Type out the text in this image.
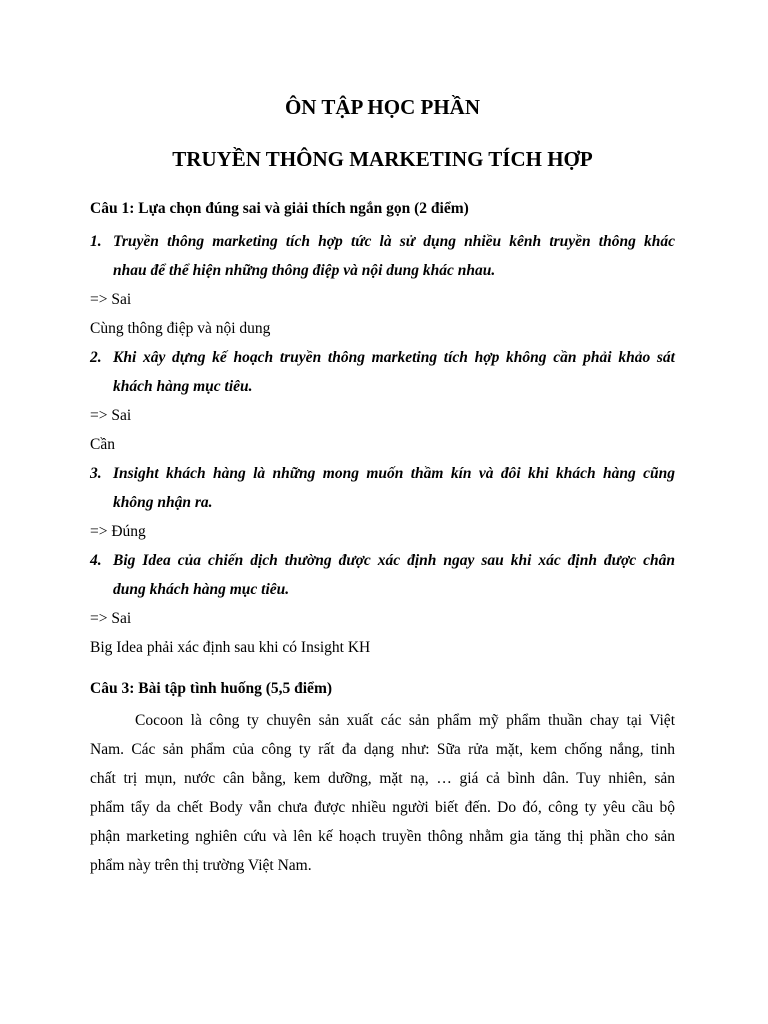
ÔN TẬP HỌC PHẦN
TRUYỀN THÔNG MARKETING TÍCH HỢP
Câu 1: Lựa chọn đúng sai và giải thích ngắn gọn (2 điểm)
1. Truyền thông marketing tích hợp tức là sử dụng nhiều kênh truyền thông khác
nhau để thể hiện những thông điệp và nội dung khác nhau.
=> Sai
Cùng thông điệp và nội dung
2. Khi xây dựng kế hoạch truyền thông marketing tích hợp không cần phải khảo sát
khách hàng mục tiêu.
=> Sai
Cần
3. Insight khách hàng là những mong muốn thầm kín và đôi khi khách hàng cũng
không nhận ra.
=> Đúng
4. Big Idea của chiến dịch thường được xác định ngay sau khi xác định được chân
dung khách hàng mục tiêu.
=> Sai
Big Idea phải xác định sau khi có Insight KH
Câu 3: Bài tập tình huống (5,5 điểm)
Cocoon là công ty chuyên sản xuất các sản phẩm mỹ phẩm thuần chay tại Việt
Nam. Các sản phẩm của công ty rất đa dạng như: Sữa rửa mặt, kem chống nắng, tinh
chất trị mụn, nước cân bằng, kem dưỡng, mặt nạ, … giá cả bình dân. Tuy nhiên, sản
phẩm tẩy da chết Body vẫn chưa được nhiều người biết đến. Do đó, công ty yêu cầu bộ
phận marketing nghiên cứu và lên kế hoạch truyền thông nhằm gia tăng thị phần cho sản
phẩm này trên thị trường Việt Nam.
